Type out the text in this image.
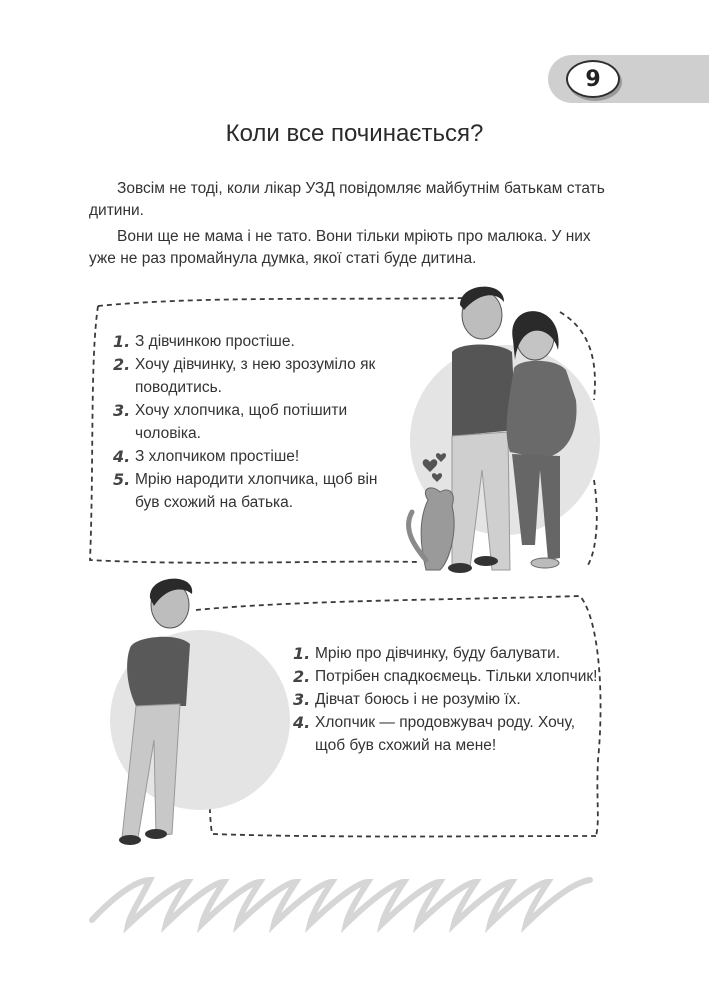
9
Коли все починається?

Зовсім не тоді, коли лікар УЗД повідомляє майбутнім батькам стать дитини.

Вони ще не мама і не тато. Вони тільки мріють про малюка. У них уже не раз промайнула думка, якої статі буде дитина.

1. З дівчинкою простіше.
2. Хочу дівчинку, з нею зрозуміло як поводитись.
3. Хочу хлопчика, щоб потішити чоловіка.
4. З хлопчиком простіше!
5. Мрію народити хлопчика, щоб він був схожий на батька.
1. Мрію про дівчинку, буду балувати.
2. Потрібен спадкоємець. Тільки хлопчик!
3. Дівчат боюсь і не розумію їх.
4. Хлопчик — продовжувач роду. Хочу, щоб був схожий на мене!
